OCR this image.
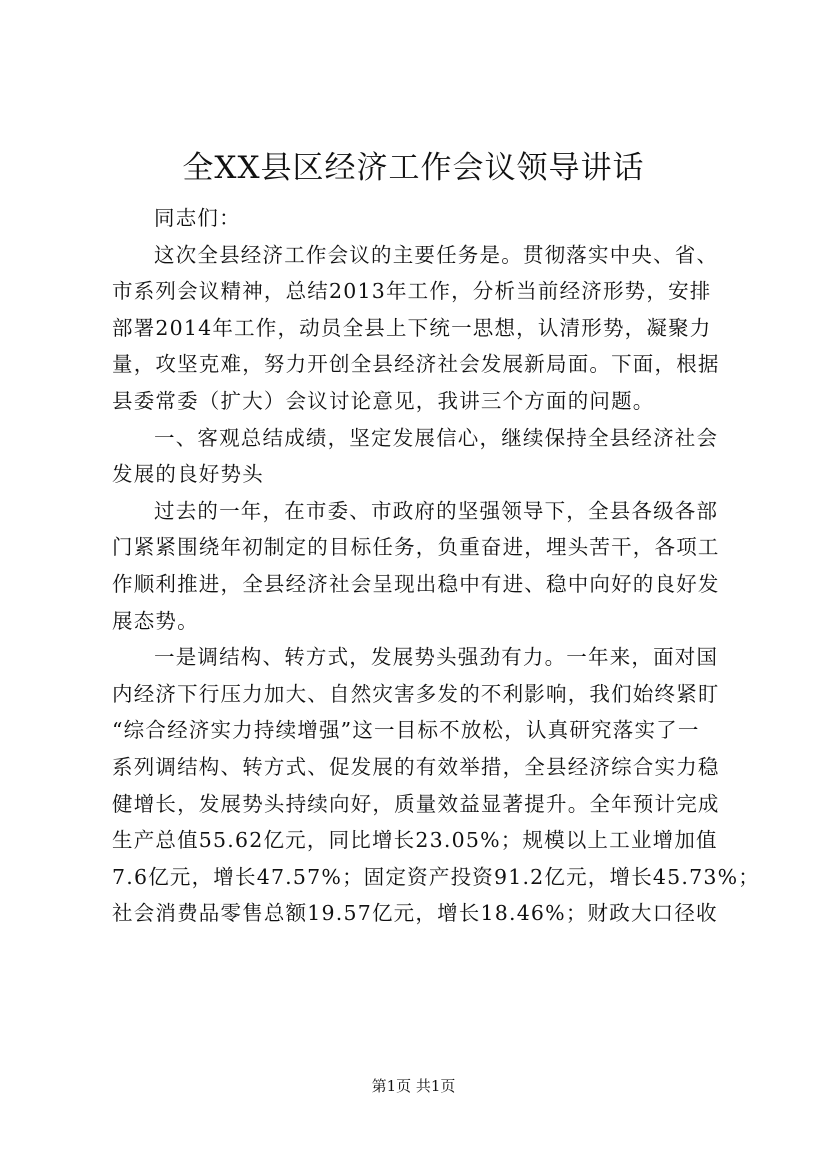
全XX县区经济工作会议领导讲话
同志们：
这次全县经济工作会议的主要任务是。贯彻落实中央、省、
市系列会议精神，总结2013年工作，分析当前经济形势，安排
部署2014年工作，动员全县上下统一思想，认清形势，凝聚力
量，攻坚克难，努力开创全县经济社会发展新局面。下面，根据
县委常委（扩大）会议讨论意见，我讲三个方面的问题。
一、客观总结成绩，坚定发展信心，继续保持全县经济社会
发展的良好势头
过去的一年，在市委、市政府的坚强领导下，全县各级各部
门紧紧围绕年初制定的目标任务，负重奋进，埋头苦干，各项工
作顺利推进，全县经济社会呈现出稳中有进、稳中向好的良好发
展态势。
一是调结构、转方式，发展势头强劲有力。一年来，面对国
内经济下行压力加大、自然灾害多发的不利影响，我们始终紧盯
“综合经济实力持续增强”这一目标不放松，认真研究落实了一
系列调结构、转方式、促发展的有效举措，全县经济综合实力稳
健增长，发展势头持续向好，质量效益显著提升。全年预计完成
生产总值55.62亿元，同比增长23.05%；规模以上工业增加值
7.6亿元，增长47.57%；固定资产投资91.2亿元，增长45.73%；
社会消费品零售总额19.57亿元，增长18.46%；财政大口径收
第1页 共1页
